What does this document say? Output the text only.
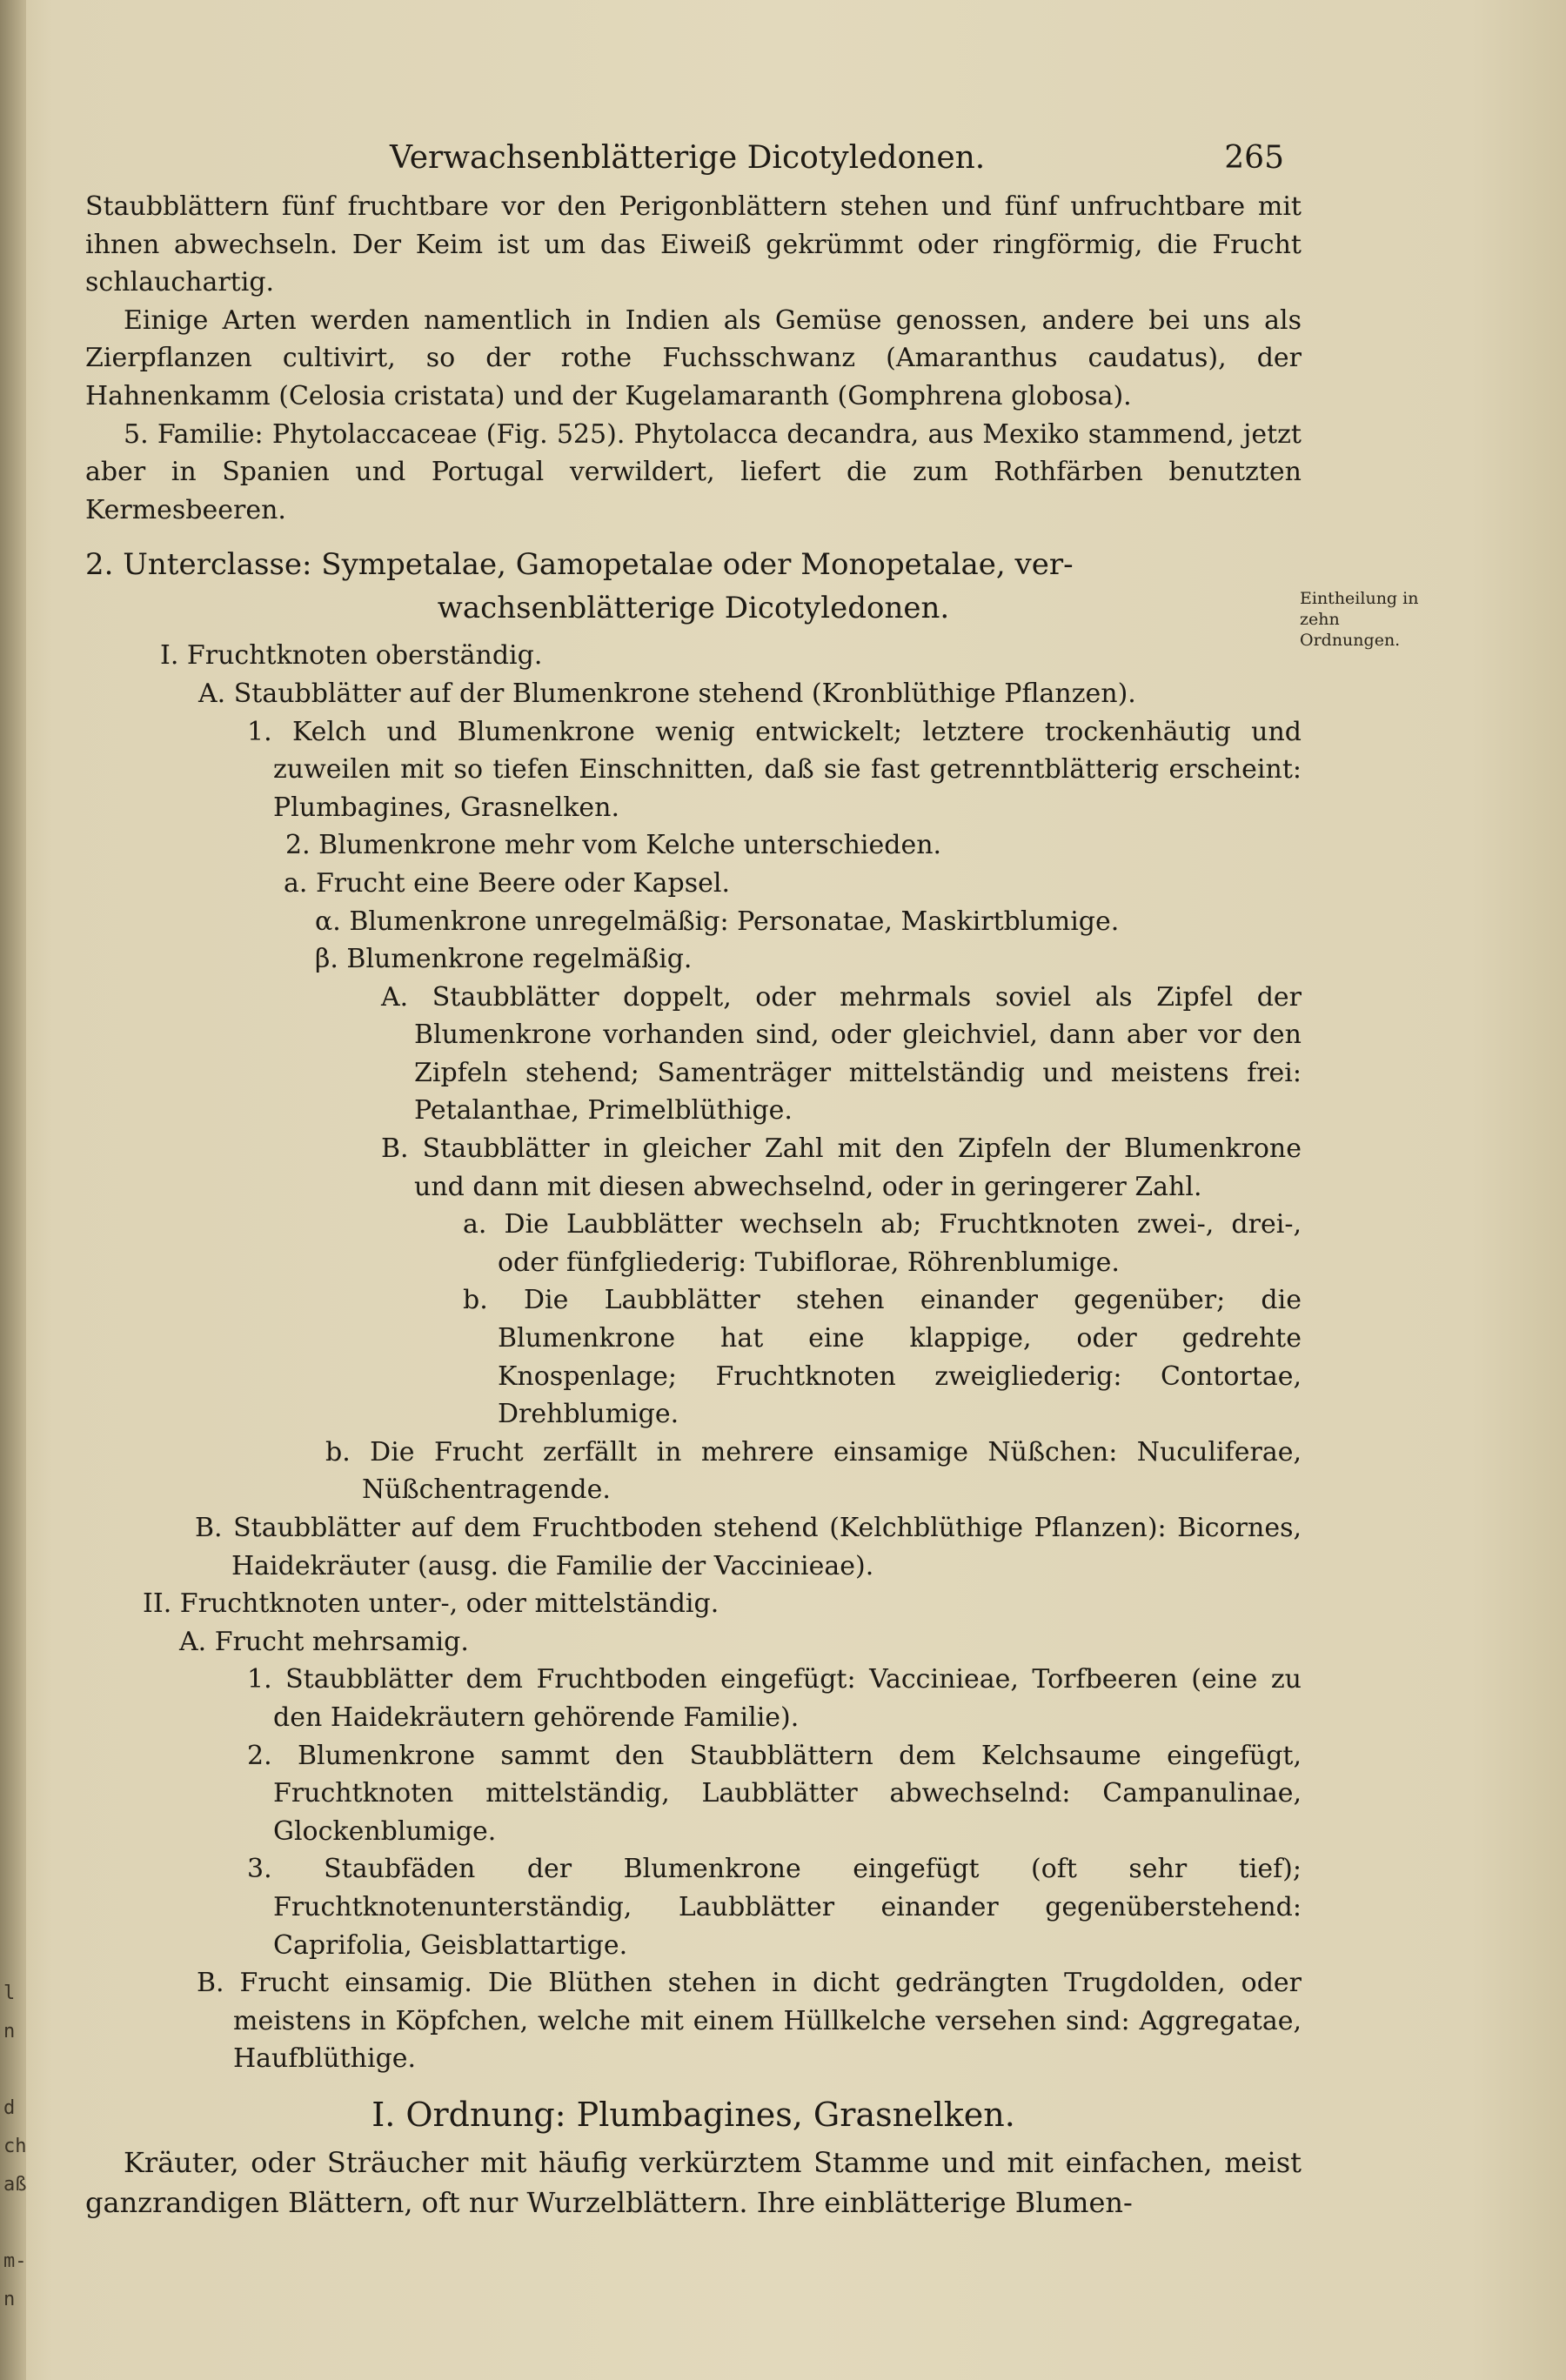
l
n
d
ch
aß
m-
n
Verwachsenblätterige Dicotyledonen.	265

Staubblättern fünf fruchtbare vor den Perigonblättern stehen und fünf unfruchtbare mit ihnen abwechseln. Der Keim ist um das Eiweiß gekrümmt oder ringförmig, die Frucht schlauchartig.

Einige Arten werden namentlich in Indien als Gemüse genossen, andere bei uns als Zierpflanzen cultivirt, so der rothe Fuchsschwanz (Amaranthus caudatus), der Hahnenkamm (Celosia cristata) und der Kugelamaranth (Gomphrena globosa).

5. Familie: Phytolaccaceae (Fig. 525). Phytolacca decandra, aus Mexiko stammend, jetzt aber in Spanien und Portugal verwildert, liefert die zum Rothfärben benutzten Kermesbeeren.

2. Unterclasse: Sympetalae, Gamopetalae oder Monopetalae, ver-
wachsenblätterige Dicotyledonen.

I. Fruchtknoten oberständig.

A. Staubblätter auf der Blumenkrone stehend (Kronblüthige Pflanzen).

1. Kelch und Blumenkrone wenig entwickelt; letztere trockenhäutig und zuweilen mit so tiefen Einschnitten, daß sie fast getrenntblätterig erscheint: Plumbagines, Grasnelken.

2. Blumenkrone mehr vom Kelche unterschieden.

a. Frucht eine Beere oder Kapsel.

α. Blumenkrone unregelmäßig: Personatae, Maskirtblumige.

β. Blumenkrone regelmäßig.

A. Staubblätter doppelt, oder mehrmals soviel als Zipfel der Blumenkrone vorhanden sind, oder gleichviel, dann aber vor den Zipfeln stehend; Samenträger mittelständig und meistens frei: Petalanthae, Primelblüthige.

B. Staubblätter in gleicher Zahl mit den Zipfeln der Blumenkrone und dann mit diesen abwechselnd, oder in geringerer Zahl.

a. Die Laubblätter wechseln ab; Fruchtknoten zwei-, drei-, oder fünfgliederig: Tubiflorae, Röhrenblumige.

b. Die Laubblätter stehen einander gegenüber; die Blumenkrone hat eine klappige, oder gedrehte Knospenlage; Fruchtknoten zweigliederig: Contortae, Drehblumige.

b. Die Frucht zerfällt in mehrere einsamige Nüßchen: Nuculiferae, Nüßchentragende.

B. Staubblätter auf dem Fruchtboden stehend (Kelchblüthige Pflanzen): Bicornes, Haidekräuter (ausg. die Familie der Vaccinieae).

II. Fruchtknoten unter-, oder mittelständig.

A. Frucht mehrsamig.

1. Staubblätter dem Fruchtboden eingefügt: Vaccinieae, Torfbeeren (eine zu den Haidekräutern gehörende Familie).

2. Blumenkrone sammt den Staubblättern dem Kelchsaume eingefügt, Fruchtknoten mittelständig, Laubblätter abwechselnd: Campanulinae, Glockenblumige.

3. Staubfäden der Blumenkrone eingefügt (oft sehr tief); Fruchtknotenunterständig, Laubblätter einander gegenüberstehend: Caprifolia, Geisblattartige.

B. Frucht einsamig. Die Blüthen stehen in dicht gedrängten Trugdolden, oder meistens in Köpfchen, welche mit einem Hüllkelche versehen sind: Aggregatae, Haufblüthige.

I. Ordnung: Plumbagines, Grasnelken.

Kräuter, oder Sträucher mit häufig verkürztem Stamme und mit einfachen, meist ganzrandigen Blättern, oft nur Wurzelblättern. Ihre einblätterige Blumen-

Eintheilung in zehn Ordnungen.
